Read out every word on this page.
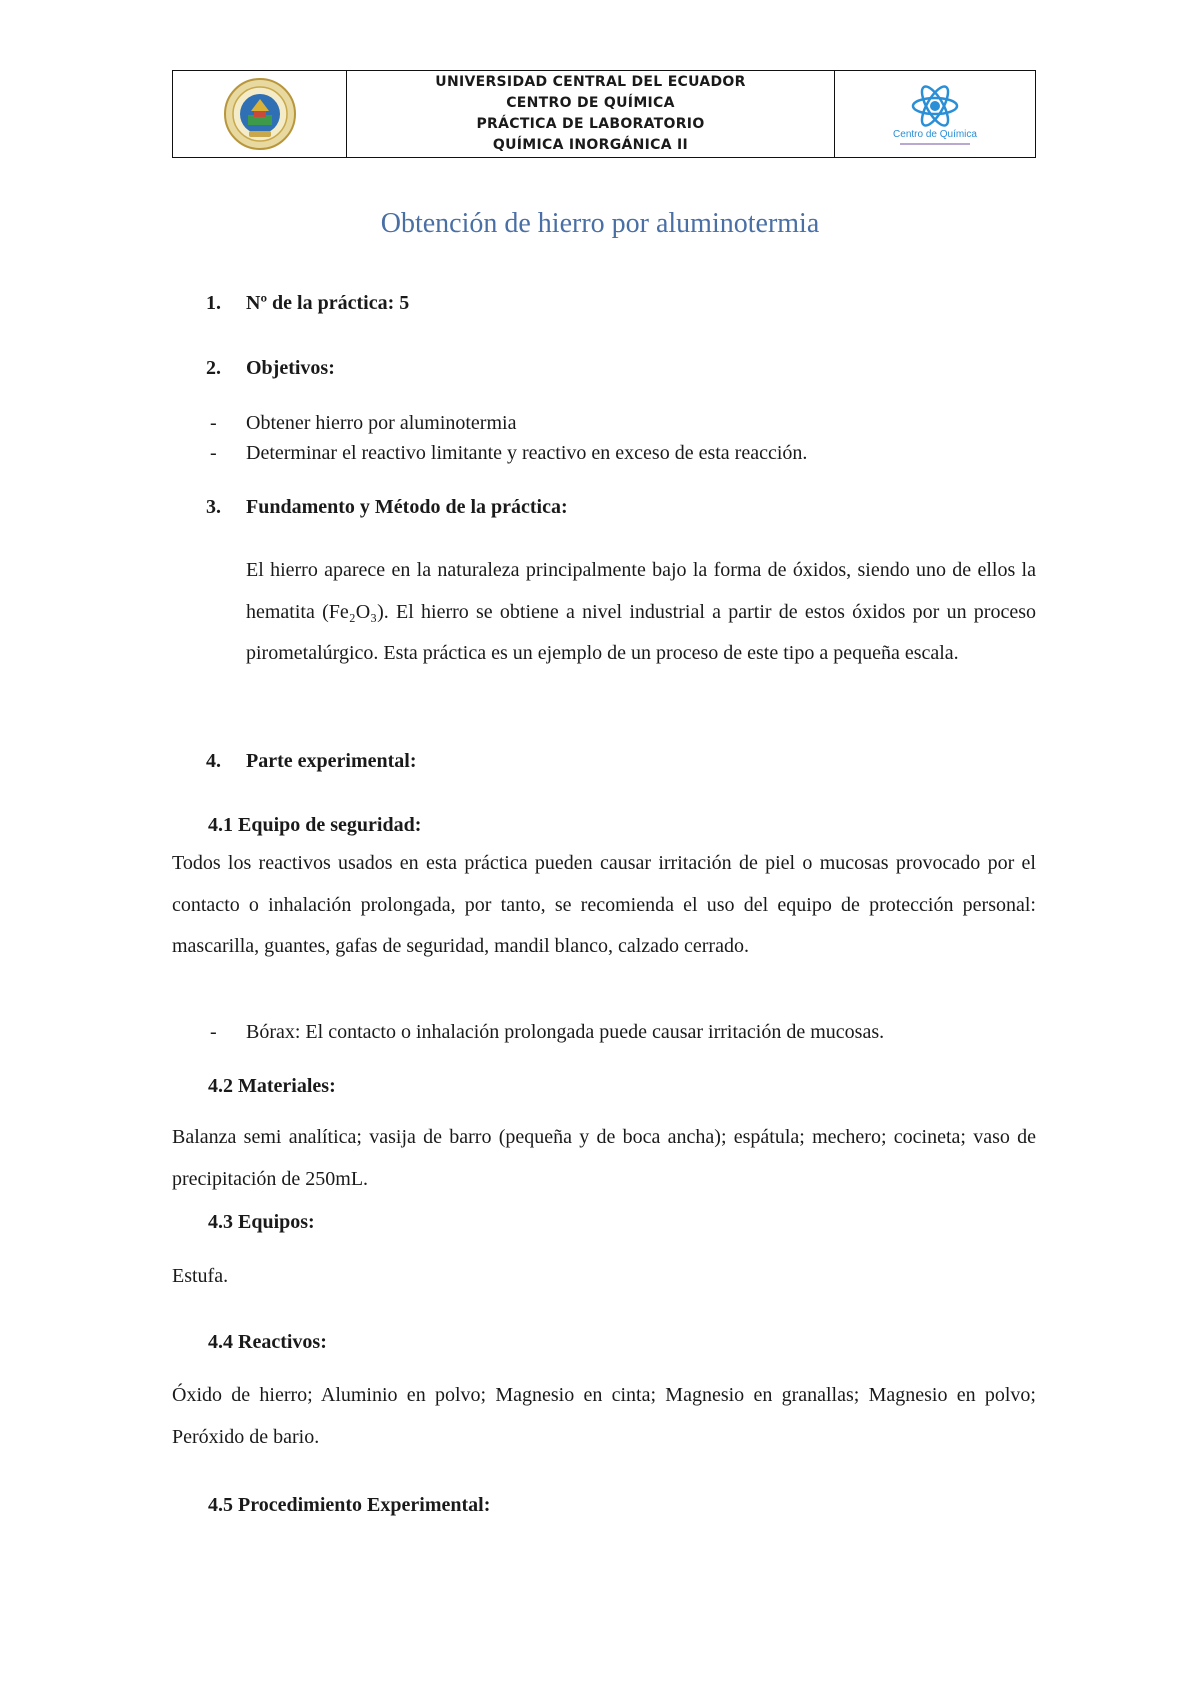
UNIVERSIDAD CENTRAL DEL ECUADOR
CENTRO DE QUÍMICA
PRÁCTICA DE LABORATORIO
QUÍMICA INORGÁNICA II
Centro de Química
Obtención de hierro por aluminotermia
1. Nº de la práctica: 5
2. Objetivos:
- Obtener hierro por aluminotermia
- Determinar el reactivo limitante y reactivo en exceso de esta reacción.
3. Fundamento y Método de la práctica:
El hierro aparece en la naturaleza principalmente bajo la forma de óxidos, siendo uno de ellos la hematita (Fe₂O₃). El hierro se obtiene a nivel industrial a partir de estos óxidos por un proceso pirometalúrgico. Esta práctica es un ejemplo de un proceso de este tipo a pequeña escala.
4. Parte experimental:
4.1 Equipo de seguridad:
Todos los reactivos usados en esta práctica pueden causar irritación de piel o mucosas provocado por el contacto o inhalación prolongada, por tanto, se recomienda el uso del equipo de protección personal: mascarilla, guantes, gafas de seguridad, mandil blanco, calzado cerrado.
- Bórax: El contacto o inhalación prolongada puede causar irritación de mucosas.
4.2 Materiales:
Balanza semi analítica; vasija de barro (pequeña y de boca ancha); espátula; mechero; cocineta; vaso de precipitación de 250mL.
4.3 Equipos:
Estufa.
4.4 Reactivos:
Óxido de hierro; Aluminio en polvo; Magnesio en cinta; Magnesio en granallas; Magnesio en polvo; Peróxido de bario.
4.5 Procedimiento Experimental:
